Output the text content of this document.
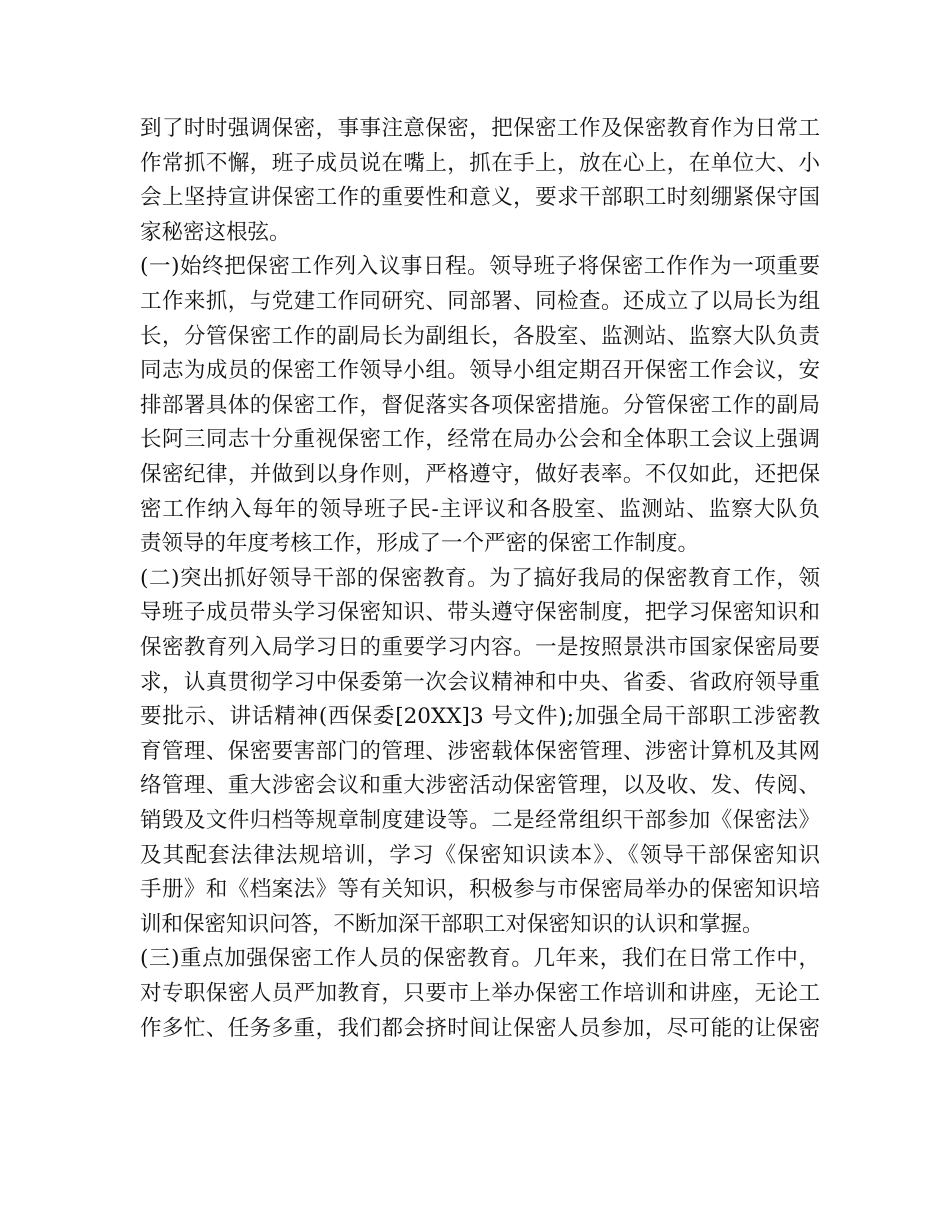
到了时时强调保密，事事注意保密，把保密工作及保密教育作为日常工
作常抓不懈，班子成员说在嘴上，抓在手上，放在心上，在单位大、小
会上坚持宣讲保密工作的重要性和意义，要求干部职工时刻绷紧保守国
家秘密这根弦。
(一)始终把保密工作列入议事日程。领导班子将保密工作作为一项重要
工作来抓，与党建工作同研究、同部署、同检查。还成立了以局长为组
长，分管保密工作的副局长为副组长，各股室、监测站、监察大队负责
同志为成员的保密工作领导小组。领导小组定期召开保密工作会议，安
排部署具体的保密工作，督促落实各项保密措施。分管保密工作的副局
长阿三同志十分重视保密工作，经常在局办公会和全体职工会议上强调
保密纪律，并做到以身作则，严格遵守，做好表率。不仅如此，还把保
密工作纳入每年的领导班子民-主评议和各股室、监测站、监察大队负
责领导的年度考核工作，形成了一个严密的保密工作制度。
(二)突出抓好领导干部的保密教育。为了搞好我局的保密教育工作，领
导班子成员带头学习保密知识、带头遵守保密制度，把学习保密知识和
保密教育列入局学习日的重要学习内容。一是按照景洪市国家保密局要
求，认真贯彻学习中保委第一次会议精神和中央、省委、省政府领导重
要批示、讲话精神(西保委[20XX]3 号文件);加强全局干部职工涉密教
育管理、保密要害部门的管理、涉密载体保密管理、涉密计算机及其网
络管理、重大涉密会议和重大涉密活动保密管理，以及收、发、传阅、
销毁及文件归档等规章制度建设等。二是经常组织干部参加《保密法》
及其配套法律法规培训，学习《保密知识读本》、《领导干部保密知识
手册》和《档案法》等有关知识，积极参与市保密局举办的保密知识培
训和保密知识问答，不断加深干部职工对保密知识的认识和掌握。
(三)重点加强保密工作人员的保密教育。几年来，我们在日常工作中，
对专职保密人员严加教育，只要市上举办保密工作培训和讲座，无论工
作多忙、任务多重，我们都会挤时间让保密人员参加，尽可能的让保密
